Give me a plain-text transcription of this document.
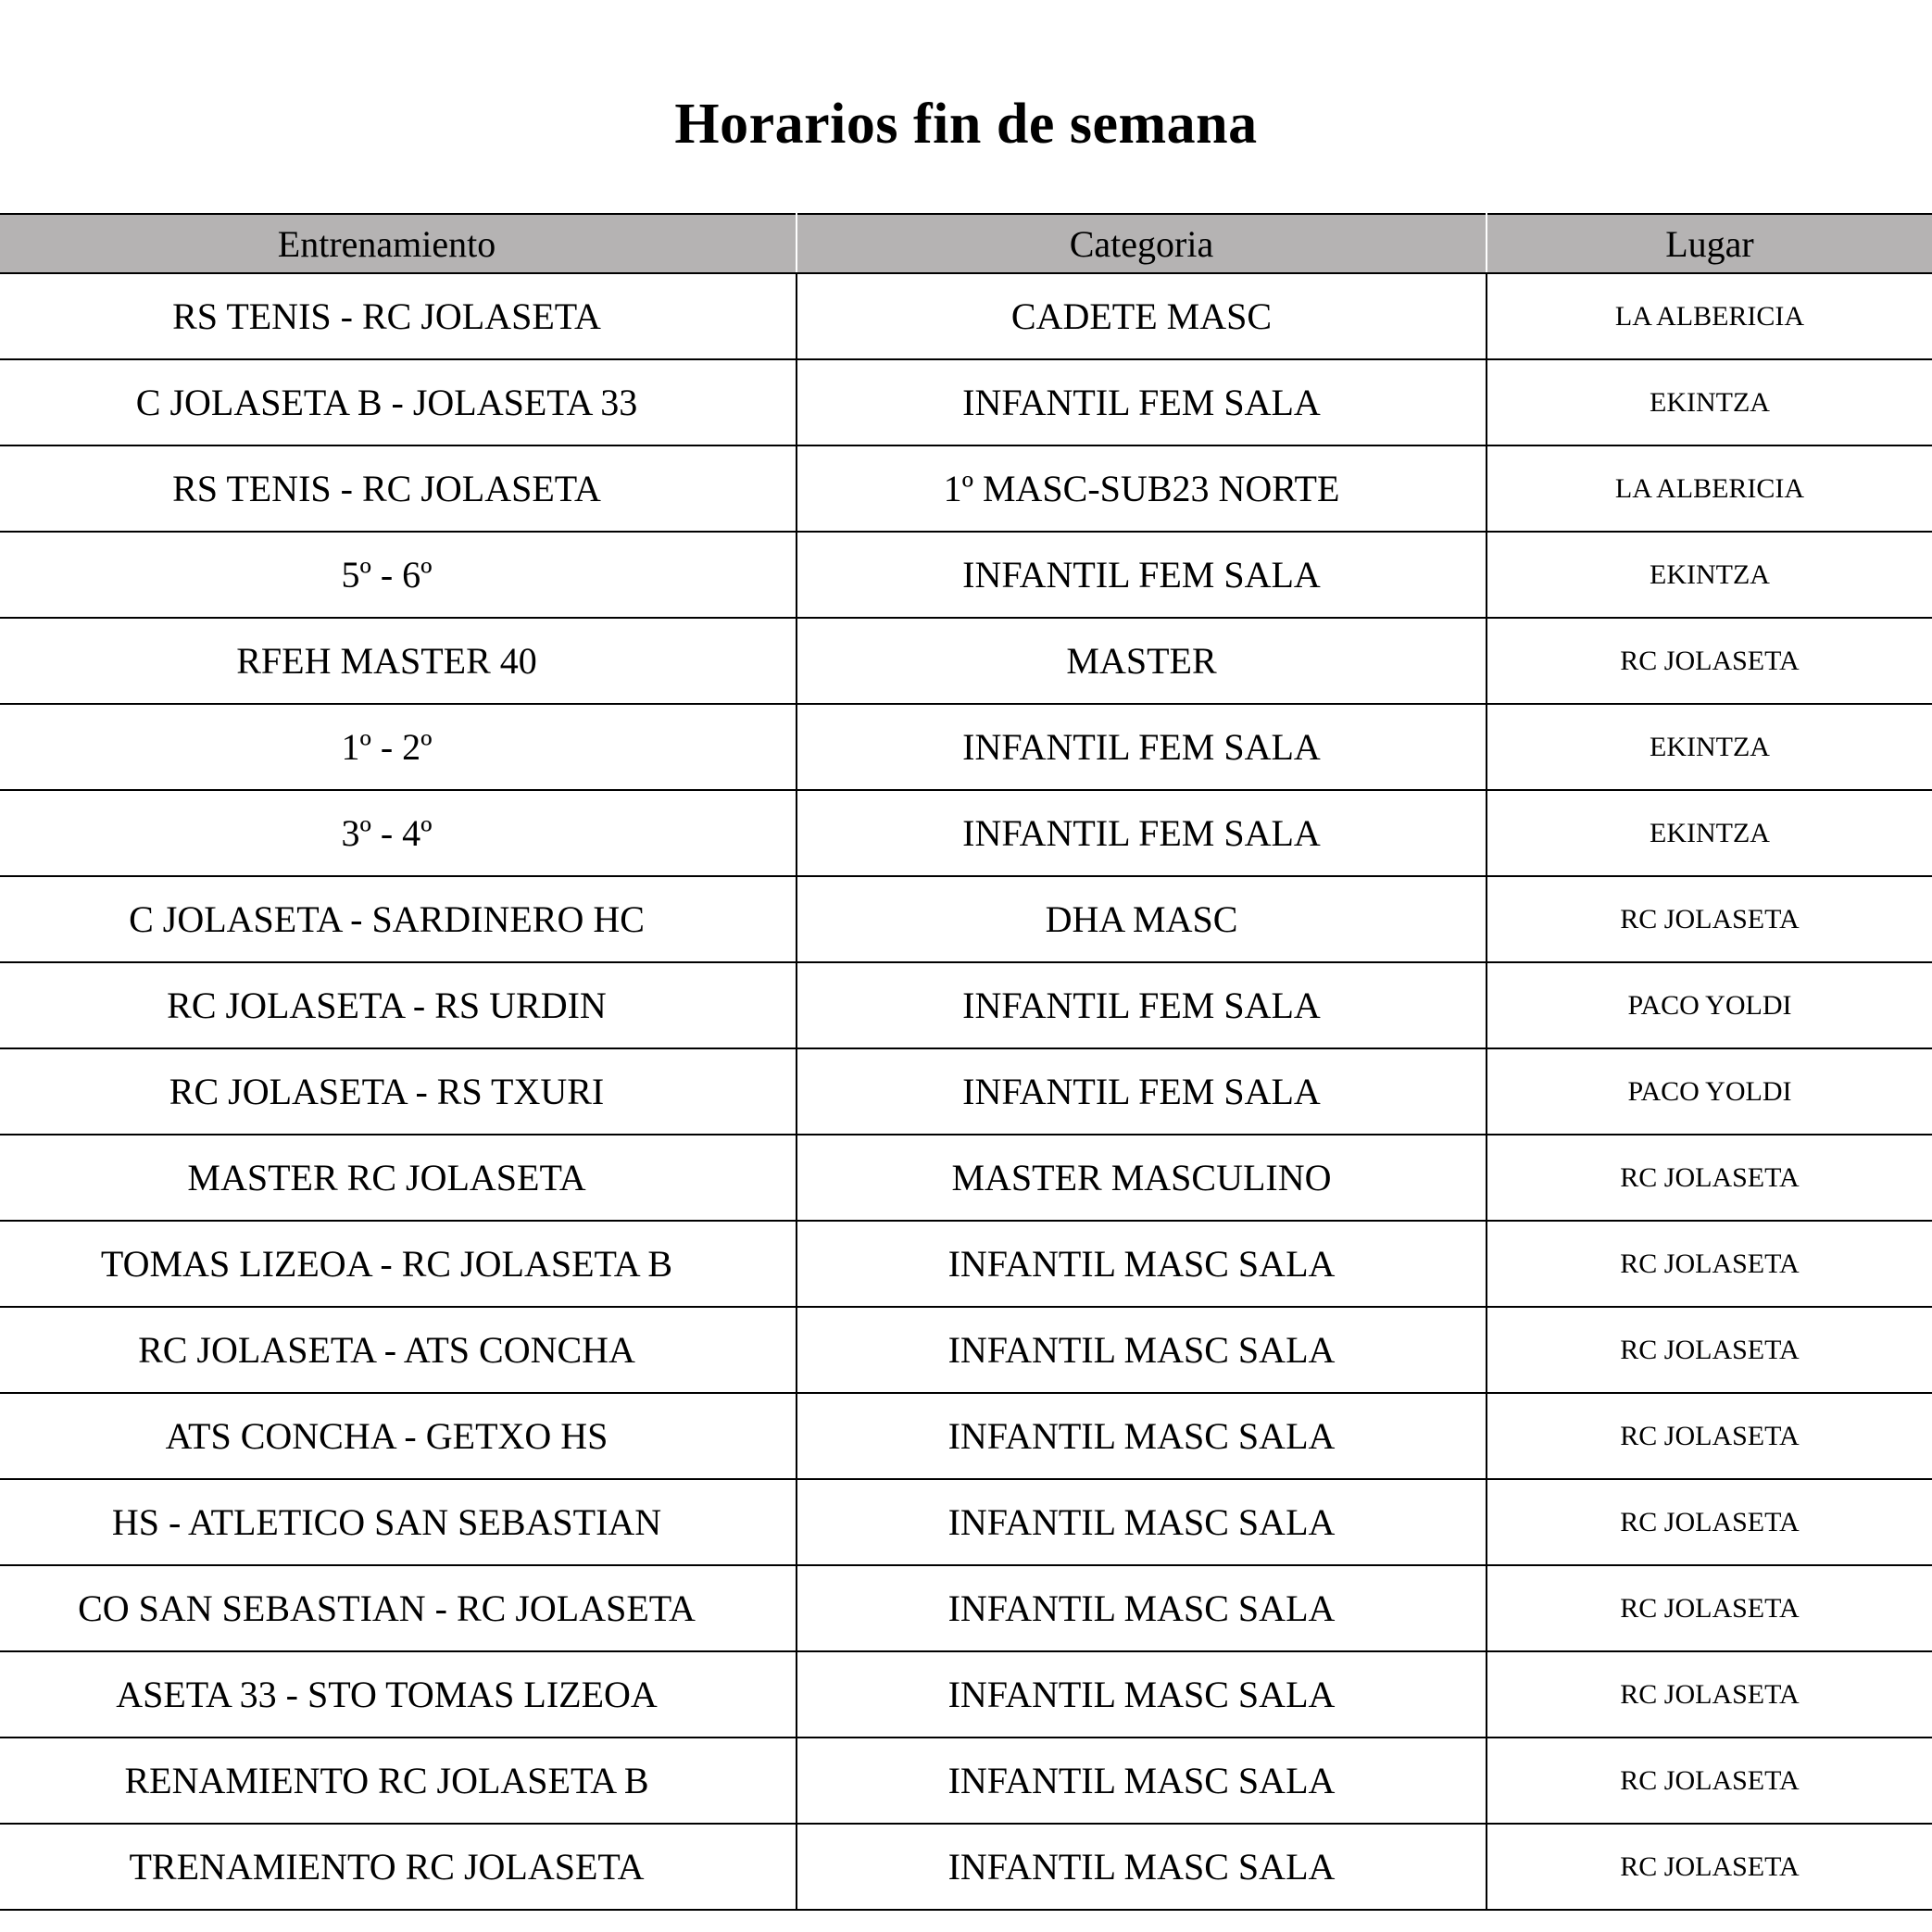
Horarios fin de semana
Entrenamiento	Categoria	Lugar
RS TENIS - RC JOLASETA	CADETE MASC	LA ALBERICIA
C JOLASETA B - JOLASETA 33	INFANTIL FEM SALA	EKINTZA
RS TENIS - RC JOLASETA	1º MASC-SUB23 NORTE	LA ALBERICIA
5º - 6º	INFANTIL FEM SALA	EKINTZA
RFEH MASTER 40	MASTER	RC JOLASETA
1º - 2º	INFANTIL FEM SALA	EKINTZA
3º - 4º	INFANTIL FEM SALA	EKINTZA
C JOLASETA - SARDINERO HC	DHA MASC	RC JOLASETA
RC JOLASETA - RS URDIN	INFANTIL FEM SALA	PACO YOLDI
RC JOLASETA - RS TXURI	INFANTIL FEM SALA	PACO YOLDI
MASTER RC JOLASETA	MASTER MASCULINO	RC JOLASETA
TOMAS LIZEOA - RC JOLASETA B	INFANTIL MASC SALA	RC JOLASETA
RC JOLASETA - ATS CONCHA	INFANTIL MASC SALA	RC JOLASETA
ATS CONCHA - GETXO HS	INFANTIL MASC SALA	RC JOLASETA
HS - ATLETICO SAN SEBASTIAN	INFANTIL MASC SALA	RC JOLASETA
CO SAN SEBASTIAN - RC JOLASETA	INFANTIL MASC SALA	RC JOLASETA
ASETA 33 - STO TOMAS LIZEOA	INFANTIL MASC SALA	RC JOLASETA
RENAMIENTO RC JOLASETA B	INFANTIL MASC SALA	RC JOLASETA
TRENAMIENTO RC JOLASETA	INFANTIL MASC SALA	RC JOLASETA
